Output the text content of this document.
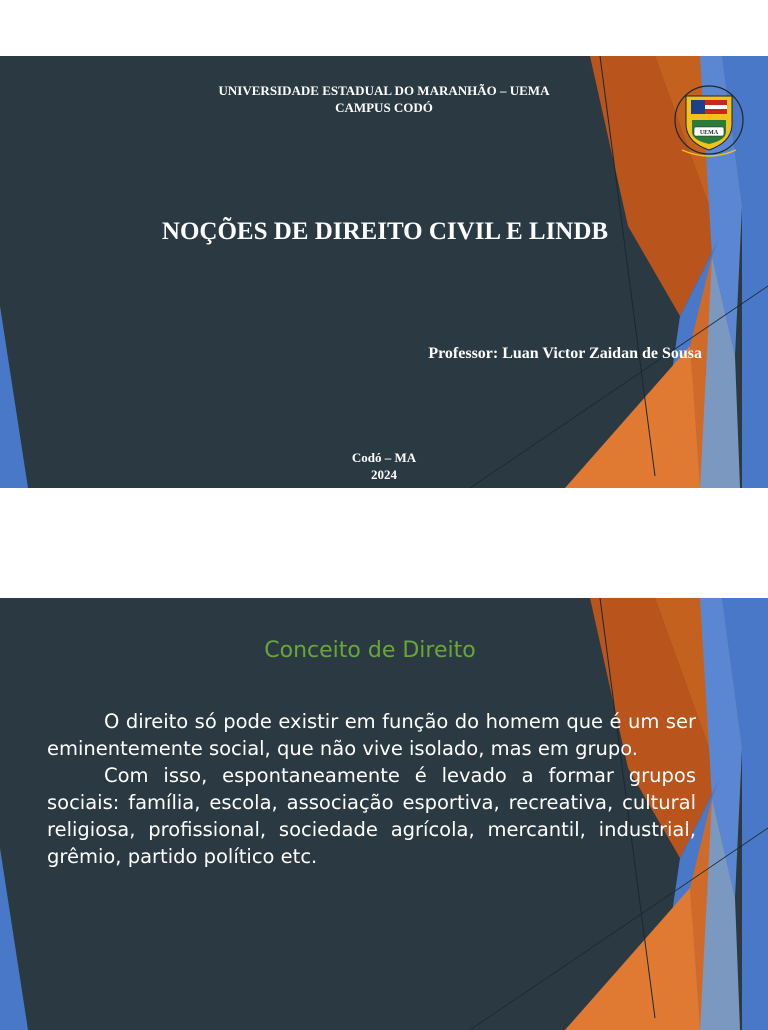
UNIVERSIDADE ESTADUAL DO MARANHÃO – UEMA
CAMPUS CODÓ
UEMA
NOÇÕES DE DIREITO CIVIL E LINDB
Professor: Luan Victor Zaidan de Sousa
Codó – MA
2024
Conceito de Direito

O direito só pode existir em função do homem que é um ser eminentemente social, que não vive isolado, mas em grupo.

Com isso, espontaneamente é levado a formar grupos sociais: família, escola, associação esportiva, recreativa, cultural religiosa, profissional, sociedade agrícola, mercantil, industrial, grêmio, partido político etc.
